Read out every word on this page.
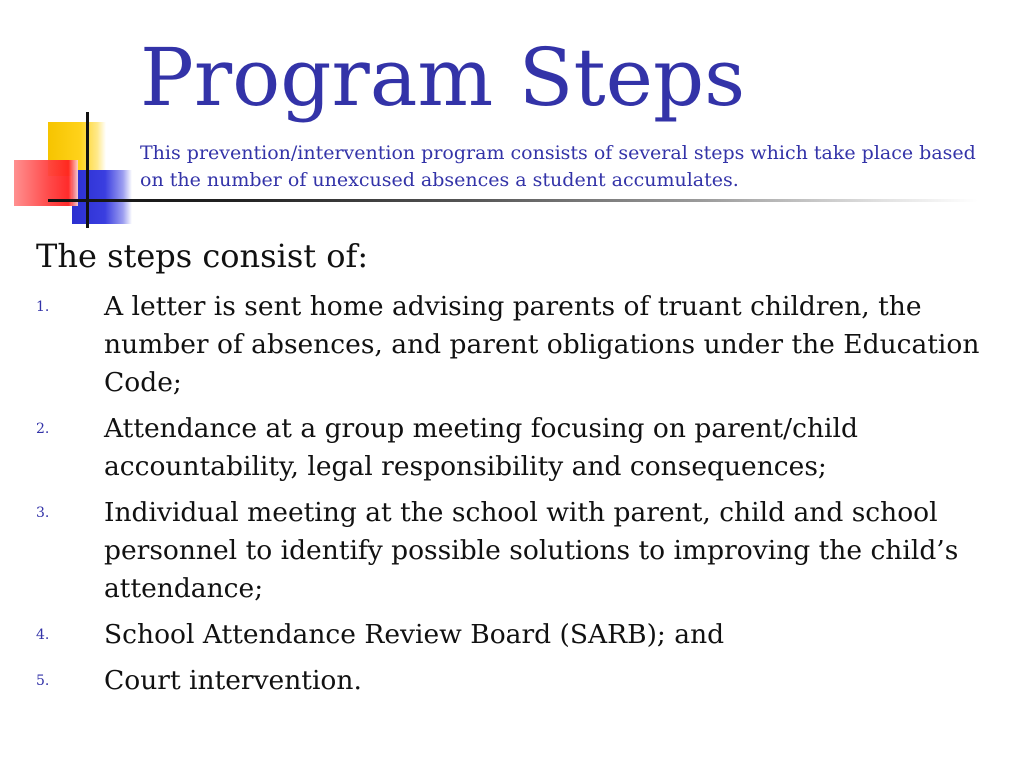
Program Steps

This prevention/intervention program consists of several steps which take place based on the number of unexcused absences a student accumulates.

The steps consist of:

1. A letter is sent home advising parents of truant children, the number of absences, and parent obligations under the Education Code;
2. Attendance at a group meeting focusing on parent/child accountability, legal responsibility and consequences;
3. Individual meeting at the school with parent, child and school personnel to identify possible solutions to improving the child’s attendance;
4. School Attendance Review Board (SARB); and
5. Court intervention.
